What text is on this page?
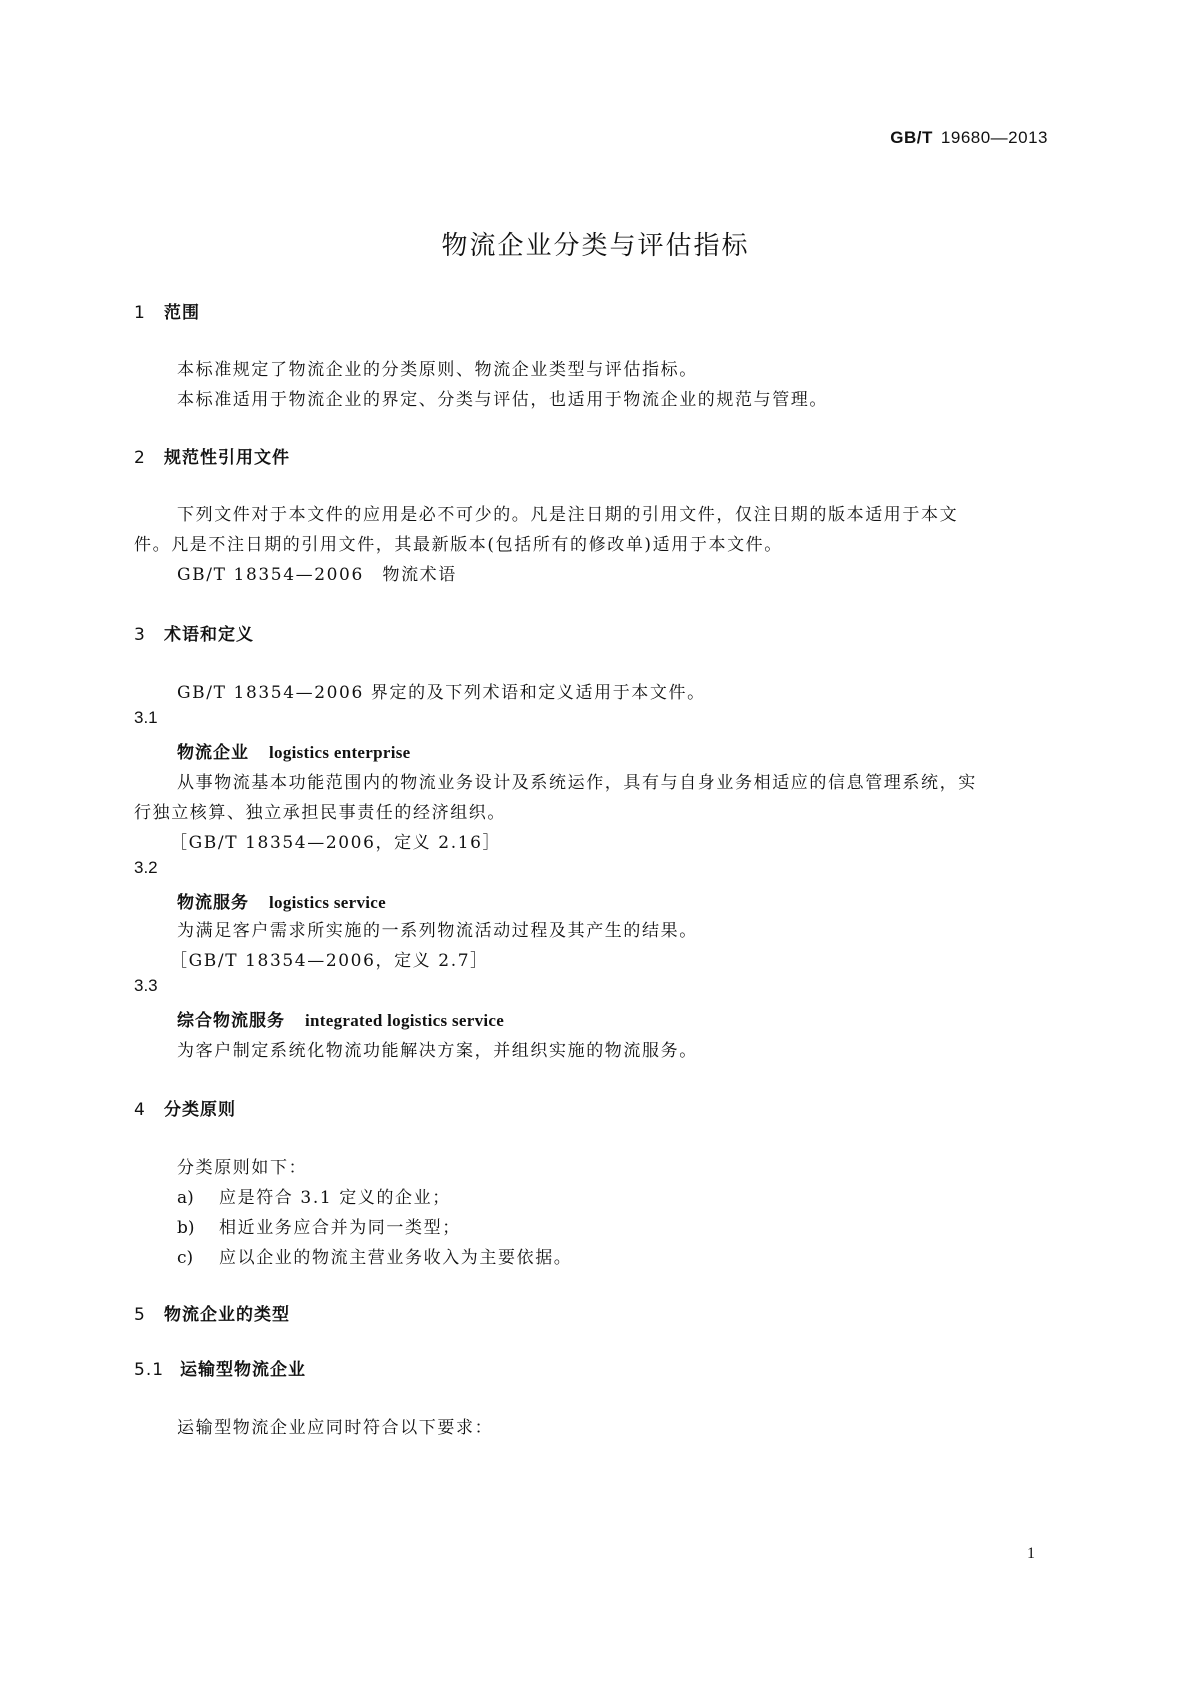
GB/T 19680—2013
物流企业分类与评估指标
1 范围
本标准规定了物流企业的分类原则、物流企业类型与评估指标。
本标准适用于物流企业的界定、分类与评估，也适用于物流企业的规范与管理。
2 规范性引用文件
下列文件对于本文件的应用是必不可少的。凡是注日期的引用文件，仅注日期的版本适用于本文
件。凡是不注日期的引用文件，其最新版本(包括所有的修改单)适用于本文件。
GB/T 18354—2006　物流术语
3 术语和定义
GB/T 18354—2006 界定的及下列术语和定义适用于本文件。
3.1
物流企业 logistics enterprise
从事物流基本功能范围内的物流业务设计及系统运作，具有与自身业务相适应的信息管理系统，实
行独立核算、独立承担民事责任的经济组织。
［GB/T 18354—2006，定义 2.16］
3.2
物流服务 logistics service
为满足客户需求所实施的一系列物流活动过程及其产生的结果。
［GB/T 18354—2006，定义 2.7］
3.3
综合物流服务 integrated logistics service
为客户制定系统化物流功能解决方案，并组织实施的物流服务。
4 分类原则
分类原则如下：
a) 应是符合 3.1 定义的企业；
b) 相近业务应合并为同一类型；
c) 应以企业的物流主营业务收入为主要依据。
5 物流企业的类型
5.1 运输型物流企业
运输型物流企业应同时符合以下要求：
1
